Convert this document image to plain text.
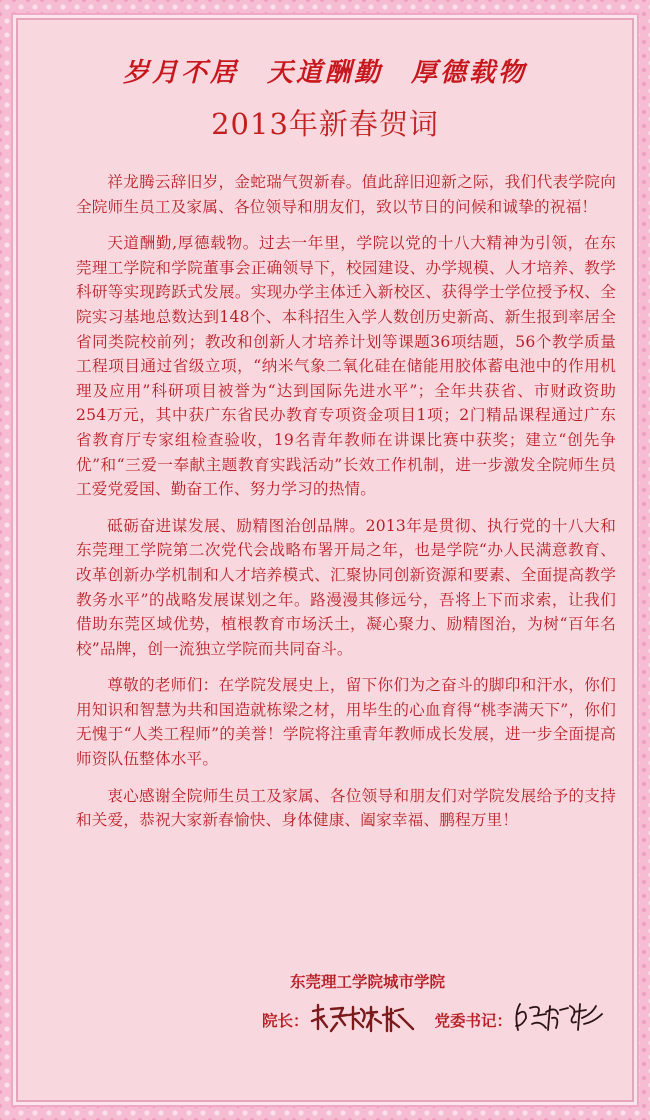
岁月不居 天道酬勤 厚德载物
2013年新春贺词

祥龙腾云辞旧岁，金蛇瑞气贺新春。值此辞旧迎新之际，我们代表学院向全院师生员工及家属、各位领导和朋友们，致以节日的问候和诚挚的祝福！

天道酬勤,厚德载物。过去一年里，学院以党的十八大精神为引领，在东莞理工学院和学院董事会正确领导下，校园建设、办学规模、人才培养、教学科研等实现跨跃式发展。实现办学主体迁入新校区、获得学士学位授予权、全院实习基地总数达到148个、本科招生入学人数创历史新高、新生报到率居全省同类院校前列；教改和创新人才培养计划等课题36项结题，56个教学质量工程项目通过省级立项，“纳米气象二氧化硅在储能用胶体蓄电池中的作用机理及应用”科研项目被誉为“达到国际先进水平”；全年共获省、市财政资助254万元，其中获广东省民办教育专项资金项目1项；2门精品课程通过广东省教育厅专家组检查验收，19名青年教师在讲课比赛中获奖；建立“创先争优”和“三爱一奉献主题教育实践活动”长效工作机制，进一步激发全院师生员工爱党爱国、勤奋工作、努力学习的热情。

砥砺奋进谋发展、励精图治创品牌。2013年是贯彻、执行党的十八大和东莞理工学院第二次党代会战略布署开局之年，也是学院“办人民满意教育、改革创新办学机制和人才培养模式、汇聚协同创新资源和要素、全面提高教学教务水平”的战略发展谋划之年。路漫漫其修远兮，吾将上下而求索，让我们借助东莞区域优势，植根教育市场沃土，凝心聚力、励精图治，为树“百年名校”品牌，创一流独立学院而共同奋斗。

尊敬的老师们：在学院发展史上，留下你们为之奋斗的脚印和汗水，你们用知识和智慧为共和国造就栋梁之材，用毕生的心血育得“桃李满天下”，你们无愧于“人类工程师”的美誉！学院将注重青年教师成长发展，进一步全面提高师资队伍整体水平。

衷心感谢全院师生员工及家属、各位领导和朋友们对学院发展给予的支持和关爱，恭祝大家新春愉快、身体健康、阖家幸福、鹏程万里！

东莞理工学院城市学院
院长：	党委书记：
